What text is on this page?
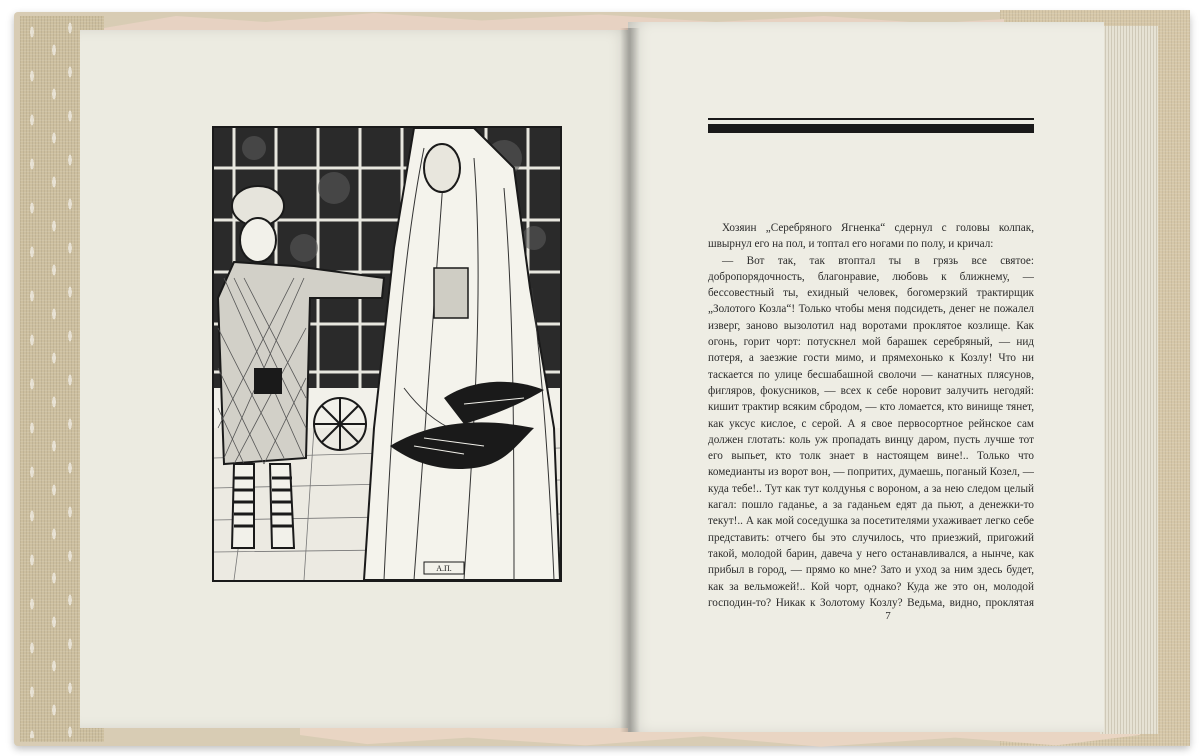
А.П.

Хозяин „Серебряного Ягненка“ сдернул с головы колпак, швырнул его на пол, и топтал его ногами по полу, и кричал:

— Вот так, так втоптал ты в грязь все святое: добропорядочность, благонравие, любовь к ближнему, — бессовестный ты, ехидный человек, богомерзкий трактирщик „Золотого Козла“! Только чтобы меня подсидеть, денег не пожалел изверг, заново вызолотил над воротами проклятое козлище. Как огонь, горит чорт: потускнел мой барашек серебряный, — нид потеря, а заезжие гости мимо, и прямехонько к Козлу! Что ни таскается по улице бесшабашной сволочи — канатных плясунов, фигляров, фокусников, — всех к себе норовит залучить негодяй: кишит трактир всяким сбродом, — кто ломается, кто винище тянет, как уксус кислое, с серой. А я свое первосортное рейнское сам должен глотать: коль уж пропадать винцу даром, пусть лучше тот его выпьет, кто толк знает в настоящем вине!.. Только что комедианты из ворот вон, — попритих, думаешь, поганый Козел, — куда тебе!.. Тут как тут колдунья с вороном, а за нею следом целый кагал: пошло гаданье, а за гаданьем едят да пьют, а денежки-то текут!.. А как мой соседушка за посетителями ухаживает легко себе представить: отчего бы это случилось, что приезжий, пригожий такой, молодой барин, давеча у него останавливался, а нынче, как прибыл в город, — прямо ко мне? Зато и уход за ним здесь будет, как за вельможей!.. Кой чорт, однако? Куда же это он, молодой господин-то? Никак к Золотому Козлу? Ведьма, видно, проклятая

7
